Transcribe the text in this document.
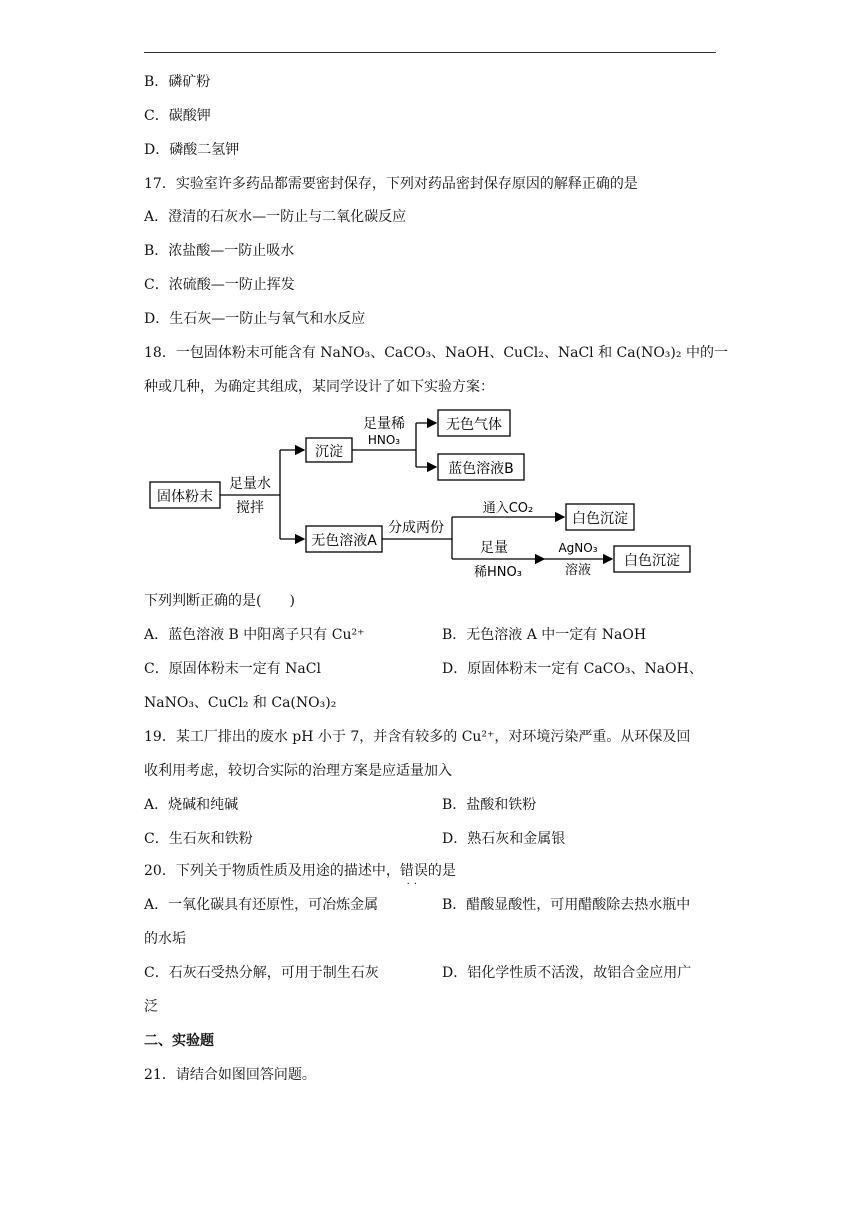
B．磷矿粉
C．碳酸钾
D．磷酸二氢钾
17．实验室许多药品都需要密封保存，下列对药品密封保存原因的解释正确的是
A．澄清的石灰水—一防止与二氧化碳反应
B．浓盐酸—一防止吸水
C．浓硫酸—一防止挥发
D．生石灰—一防止与氧气和水反应
18．一包固体粉末可能含有 NaNO₃、CaCO₃、NaOH、CuCl₂、NaCl 和 Ca(NO₃)₂ 中的一
种或几种，为确定其组成，某同学设计了如下实验方案：
固体粉末
足量水
搅拌
沉淀
足量稀
HNO₃
无色气体
蓝色溶液B
无色溶液A
分成两份
通入CO₂
白色沉淀
足量
稀HNO₃
AgNO₃
溶液
白色沉淀
下列判断正确的是(　　)
A．蓝色溶液 B 中阳离子只有 Cu²⁺	B．无色溶液 A 中一定有 NaOH
C．原固体粉末一定有 NaCl	D．原固体粉末一定有 CaCO₃、NaOH、
NaNO₃、CuCl₂ 和 Ca(NO₃)₂
19．某工厂排出的废水 pH 小于 7，并含有较多的 Cu²⁺，对环境污染严重。从环保及回
收利用考虑，较切合实际的治理方案是应适量加入
A．烧碱和纯碱	B．盐酸和铁粉
C．生石灰和铁粉	D．熟石灰和金属银
20．下列关于物质性质及用途的描述中，错误
··
的是
A．一氧化碳具有还原性，可冶炼金属	B．醋酸显酸性，可用醋酸除去热水瓶中
的水垢
C．石灰石受热分解，可用于制生石灰	D．铝化学性质不活泼，故铝合金应用广
泛
二、实验题
21．请结合如图回答问题。
